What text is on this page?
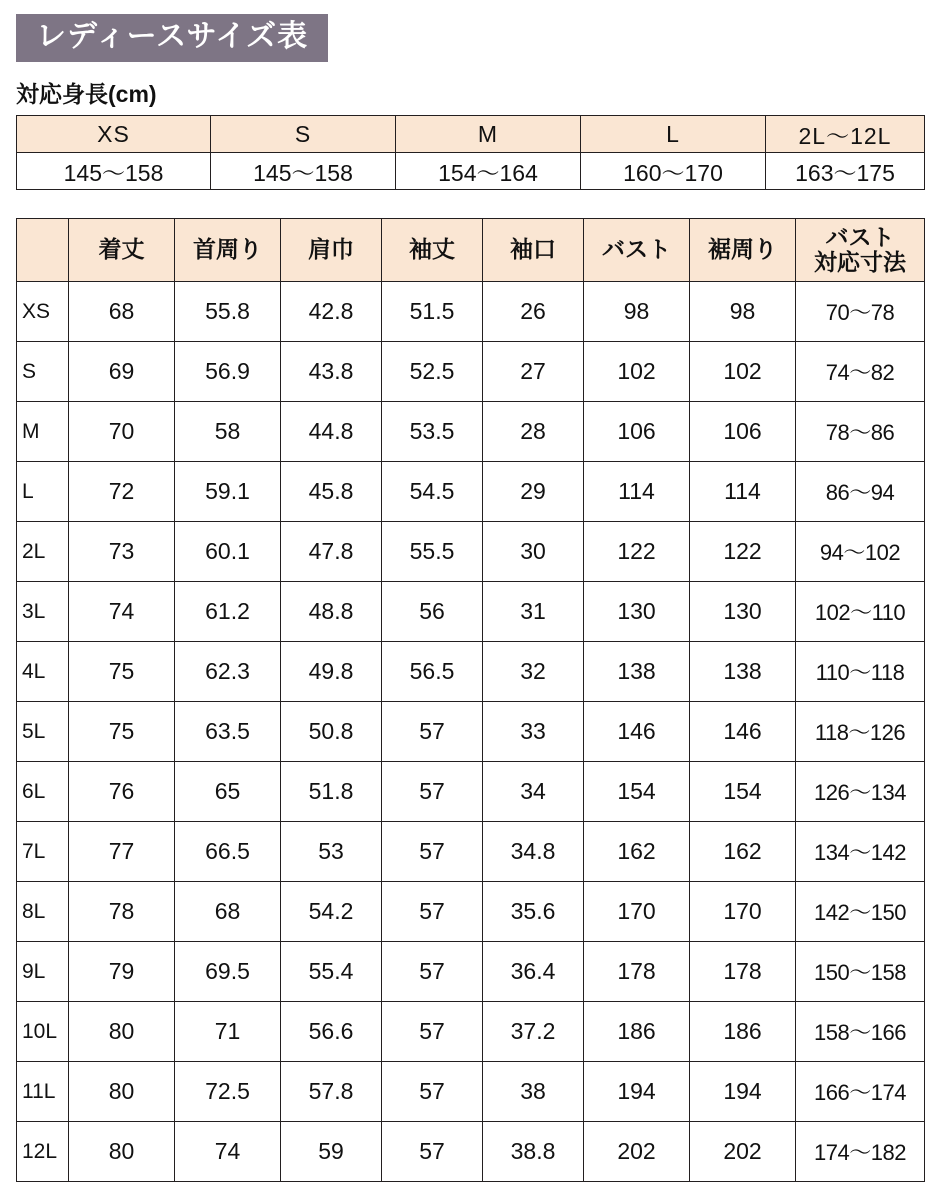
レディースサイズ表
対応身長(cm)
XS	S	M	L	2L〜12L
145〜158	145〜158	154〜164	160〜170	163〜175
	着丈	首周り	肩巾	袖丈	袖口	バスト	裾周り	バスト
対応寸法

XS	68	55.8	42.8	51.5	26	98	98	70〜78
S	69	56.9	43.8	52.5	27	102	102	74〜82
M	70	58	44.8	53.5	28	106	106	78〜86
L	72	59.1	45.8	54.5	29	114	114	86〜94
2L	73	60.1	47.8	55.5	30	122	122	94〜102
3L	74	61.2	48.8	56	31	130	130	102〜110
4L	75	62.3	49.8	56.5	32	138	138	110〜118
5L	75	63.5	50.8	57	33	146	146	118〜126
6L	76	65	51.8	57	34	154	154	126〜134
7L	77	66.5	53	57	34.8	162	162	134〜142
8L	78	68	54.2	57	35.6	170	170	142〜150
9L	79	69.5	55.4	57	36.4	178	178	150〜158
10L	80	71	56.6	57	37.2	186	186	158〜166
11L	80	72.5	57.8	57	38	194	194	166〜174
12L	80	74	59	57	38.8	202	202	174〜182
